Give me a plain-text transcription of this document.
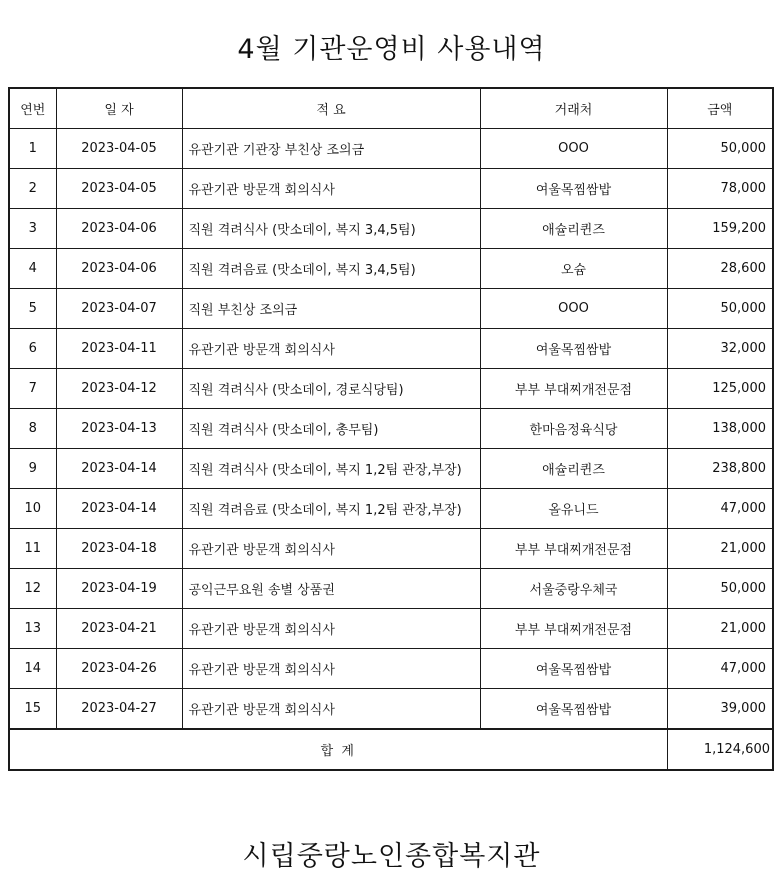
4월 기관운영비 사용내역
연번	일 자	적 요	거래처	금액
1	2023-04-05	유관기관 기관장 부친상 조의금	OOO	50,000
2	2023-04-05	유관기관 방문객 회의식사	여울목찜쌈밥	78,000
3	2023-04-06	직원 격려식사 (맛소데이, 복지 3,4,5팀)	애슐리퀸즈	159,200
4	2023-04-06	직원 격려음료 (맛소데이, 복지 3,4,5팀)	오슘	28,600
5	2023-04-07	직원 부친상 조의금	OOO	50,000
6	2023-04-11	유관기관 방문객 회의식사	여울목찜쌈밥	32,000
7	2023-04-12	직원 격려식사 (맛소데이, 경로식당팀)	부부 부대찌개전문점	125,000
8	2023-04-13	직원 격려식사 (맛소데이, 총무팀)	한마음정육식당	138,000
9	2023-04-14	직원 격려식사 (맛소데이, 복지 1,2팀 관장,부장)	애슐리퀸즈	238,800
10	2023-04-14	직원 격려음료 (맛소데이, 복지 1,2팀 관장,부장)	올유니드	47,000
11	2023-04-18	유관기관 방문객 회의식사	부부 부대찌개전문점	21,000
12	2023-04-19	공익근무요원 송별 상품권	서울중랑우체국	50,000
13	2023-04-21	유관기관 방문객 회의식사	부부 부대찌개전문점	21,000
14	2023-04-26	유관기관 방문객 회의식사	여울목찜쌈밥	47,000
15	2023-04-27	유관기관 방문객 회의식사	여울목찜쌈밥	39,000
합 계				1,124,600
시립중랑노인종합복지관
